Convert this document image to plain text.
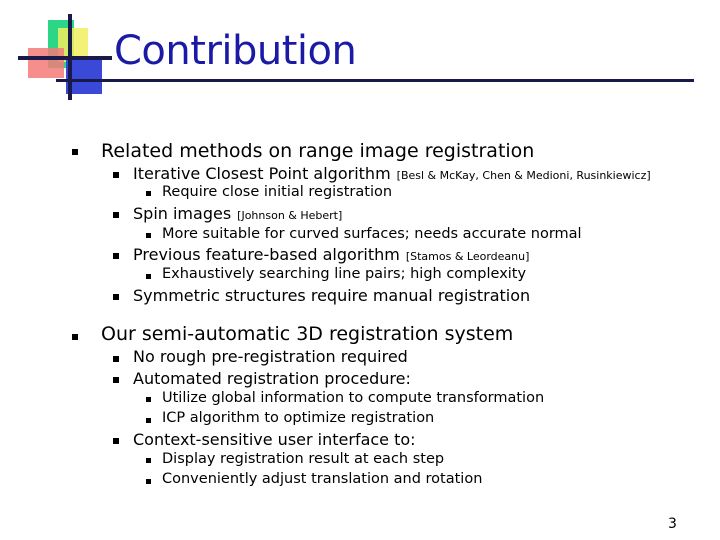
Contribution
Related methods on range image registration
Iterative Closest Point algorithm [Besl & McKay, Chen & Medioni, Rusinkiewicz]
Require close initial registration
Spin images [Johnson & Hebert]
More suitable for curved surfaces; needs accurate normal
Previous feature-based algorithm [Stamos & Leordeanu]
Exhaustively searching line pairs; high complexity
Symmetric structures require manual registration
Our semi-automatic 3D registration system
No rough pre-registration required
Automated registration procedure:
Utilize global information to compute transformation
ICP algorithm to optimize registration
Context-sensitive user interface to:
Display registration result at each step
Conveniently adjust translation and rotation
3
